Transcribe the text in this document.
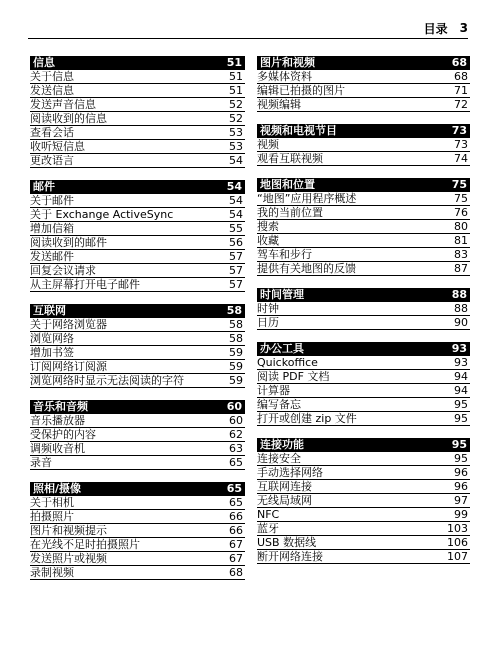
目录 3
信息	51
关于信息	51
发送信息	51
发送声音信息	52
阅读收到的信息	52
查看会话	53
收听短信息	53
更改语言	54
邮件	54
关于邮件	54
关于 Exchange ActiveSync	54
增加信箱	55
阅读收到的邮件	56
发送邮件	57
回复会议请求	57
从主屏幕打开电子邮件	57
互联网	58
关于网络浏览器	58
浏览网络	58
增加书签	59
订阅网络订阅源	59
浏览网络时显示无法阅读的字符	59
音乐和音频	60
音乐播放器	60
受保护的内容	62
调频收音机	63
录音	65
照相/摄像	65
关于相机	65
拍摄照片	66
图片和视频提示	66
在光线不足时拍摄照片	67
发送照片或视频	67
录制视频	68
图片和视频	68
多媒体资料	68
编辑已拍摄的图片	71
视频编辑	72
视频和电视节目	73
视频	73
观看互联视频	74
地图和位置	75
“地图”应用程序概述	75
我的当前位置	76
搜索	80
收藏	81
驾车和步行	83
提供有关地图的反馈	87
时间管理	88
时钟	88
日历	90
办公工具	93
Quickoffice	93
阅读 PDF 文档	94
计算器	94
编写备忘	95
打开或创建 zip 文件	95
连接功能	95
连接安全	95
手动选择网络	96
互联网连接	96
无线局域网	97
NFC	99
蓝牙	103
USB 数据线	106
断开网络连接	107
